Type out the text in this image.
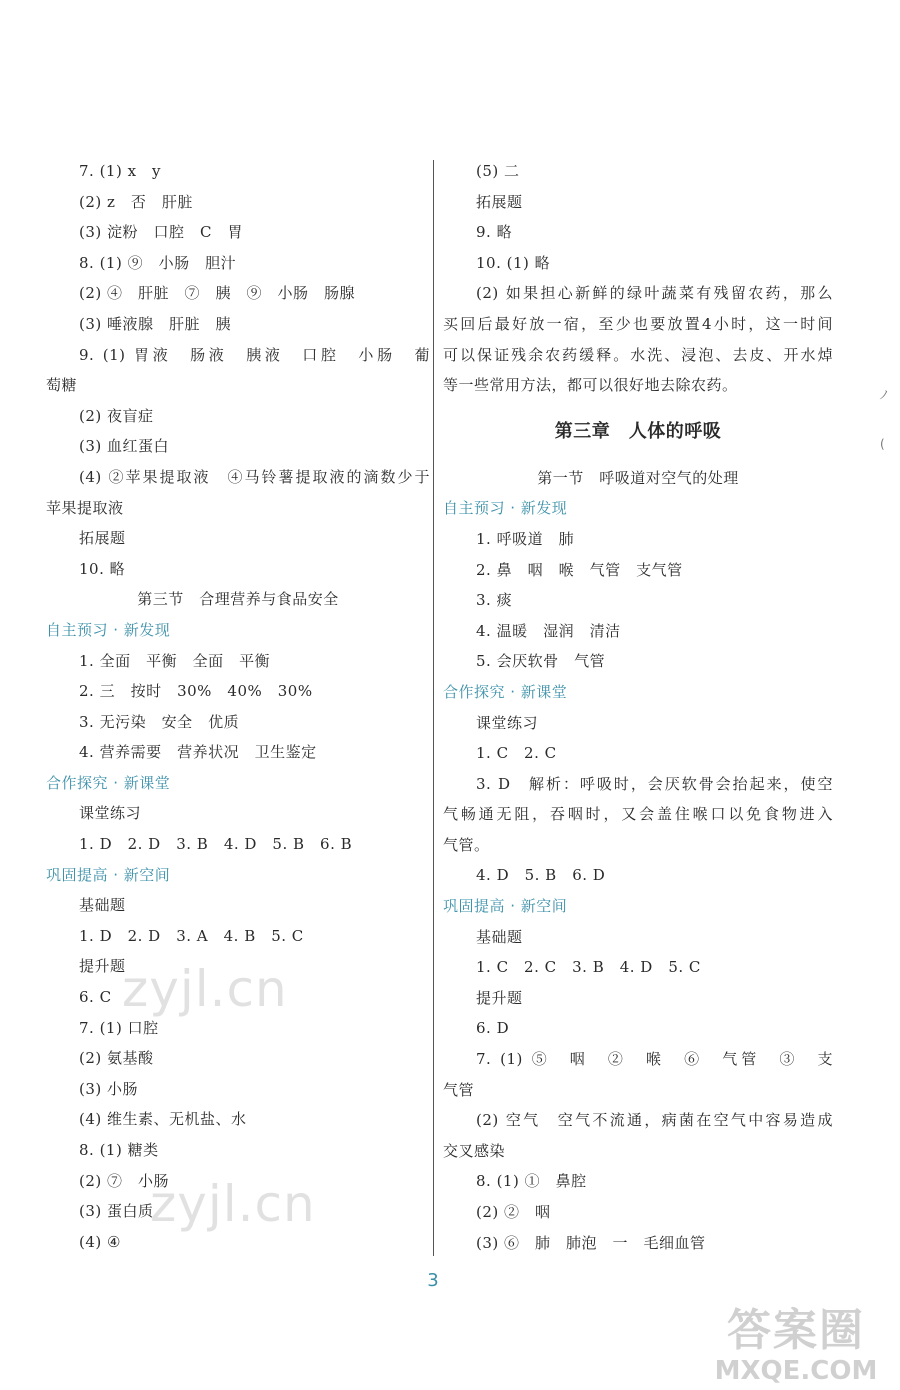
7. (1) x　y
(2) z　否　肝脏
(3) 淀粉　口腔　C　胃
8. (1) ⑨　小肠　胆汁
(2) ④　肝脏　⑦　胰　⑨　小肠　肠腺
(3) 唾液腺　肝脏　胰
9. (1) 胃液　肠液　胰液　口腔　小肠　葡
萄糖
(2) 夜盲症
(3) 血红蛋白
(4) ②苹果提取液　④马铃薯提取液的滴数少于
苹果提取液
拓展题
10. 略
第三节　合理营养与食品安全
自主预习 · 新发现
1. 全面　平衡　全面　平衡
2. 三　按时　30%　40%　30%
3. 无污染　安全　优质
4. 营养需要　营养状况　卫生鉴定
合作探究 · 新课堂
课堂练习
1. D　2. D　3. B　4. D　5. B　6. B
巩固提高 · 新空间
基础题
1. D　2. D　3. A　4. B　5. C
提升题
6. C
7. (1) 口腔
(2) 氨基酸
(3) 小肠
(4) 维生素、无机盐、水
8. (1) 糖类
(2) ⑦　小肠
(3) 蛋白质
(4) ④
(5) 二
拓展题
9. 略
10. (1) 略
(2) 如果担心新鲜的绿叶蔬菜有残留农药，那么
买回后最好放一宿，至少也要放置4小时，这一时间
可以保证残余农药缓释。水洗、浸泡、去皮、开水焯
等一些常用方法，都可以很好地去除农药。
第三章　人体的呼吸
第一节　呼吸道对空气的处理
自主预习 · 新发现
1. 呼吸道　肺
2. 鼻　咽　喉　气管　支气管
3. 痰
4. 温暖　湿润　清洁
5. 会厌软骨　气管
合作探究 · 新课堂
课堂练习
1. C　2. C
3. D　解析：呼吸时，会厌软骨会抬起来，使空
气畅通无阻，吞咽时，又会盖住喉口以免食物进入
气管。
4. D　5. B　6. D
巩固提高 · 新空间
基础题
1. C　2. C　3. B　4. D　5. C
提升题
6. D
7. (1) ⑤　咽　②　喉　⑥　气管　③　支
气管
(2) 空气　空气不流通，病菌在空气中容易造成
交叉感染
8. (1) ①　鼻腔
(2) ②　咽
(3) ⑥　肺　肺泡　一　毛细血管
ノ
(
3
zyjl.cn
zyjl.cn
答案圈
MXQE.COM
